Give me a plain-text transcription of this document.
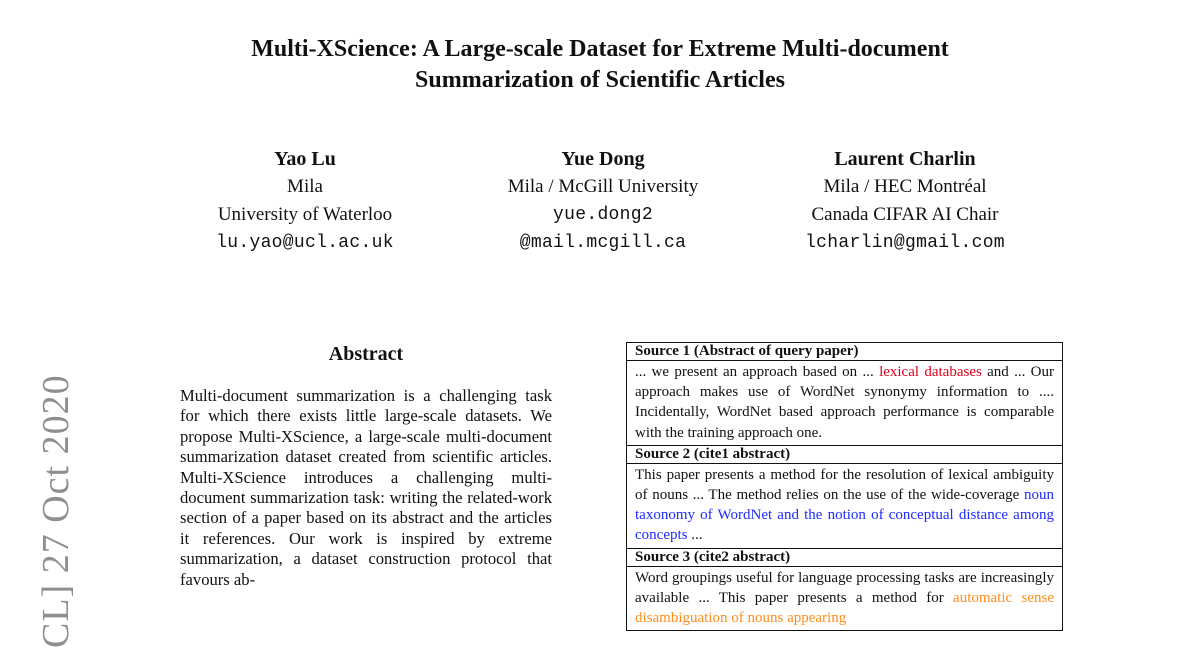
Multi-XScience: A Large-scale Dataset for Extreme Multi-document
Summarization of Scientific Articles
Yao Lu
Mila
University of Waterloo
lu.yao@ucl.ac.uk
Yue Dong
Mila / McGill University
yue.dong2
@mail.mcgill.ca
Laurent Charlin
Mila / HEC Montréal
Canada CIFAR AI Chair
lcharlin@gmail.com
CL] 27 Oct 2020
Abstract
Multi-document summarization is a challenging task for which there exists little large-scale datasets. We propose Multi-XScience, a large-scale multi-document summarization dataset created from scientific articles. Multi-XScience introduces a challenging multi-document summarization task: writing the related-work section of a paper based on its abstract and the articles it references. Our work is inspired by extreme summarization, a dataset construction protocol that favours ab-
Source 1 (Abstract of query paper)
... we present an approach based on ... lexical databases and ... Our approach makes use of WordNet synonymy information to .... Incidentally, WordNet based approach performance is comparable with the training approach one.
Source 2 (cite1 abstract)
This paper presents a method for the resolution of lexical ambiguity of nouns ... The method relies on the use of the wide-coverage noun taxonomy of WordNet and the notion of conceptual distance among concepts ...
Source 3 (cite2 abstract)
Word groupings useful for language processing tasks are increasingly available ... This paper presents a method for automatic sense disambiguation of nouns appearing
